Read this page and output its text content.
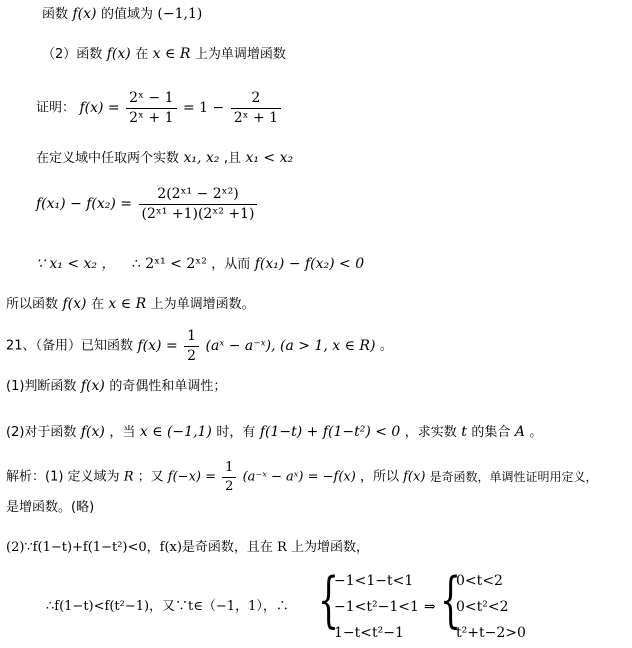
函数 f(x) 的值域为 (−1,1)
（2）函数 f(x) 在 x ∈ R 上为单调增函数
证明： $f(x) = \frac{\text{2ˣ − 1}}{\text{2ˣ + 1}} = 1 - \frac{2}{\text{2ˣ + 1}}$
在定义域中任取两个实数 x₁, x₂ ,且 x₁ < x₂
$f(x_1) - f(x_2) = \frac{\text{2(2ˣ¹ − 2ˣ²)}}{\text{(2ˣ¹ +1)(2ˣ² +1)}}$
∵ x₁ < x₂ ， ∴ 2ˣ¹ < 2ˣ² ，从而 f(x₁) − f(x₂) < 0
所以函数 f(x) 在 x ∈ R 上为单调增函数。
21、（备用）已知函数 $f(x) = \frac{1}{2}$ (aˣ − a⁻ˣ), (a > 1, x ∈ R) 。
(1)判断函数 f(x) 的奇偶性和单调性；
(2)对于函数 f(x) ，当 x ∈ (−1,1) 时，有 f(1−t) + f(1−t²) < 0 ，求实数 t 的集合 A 。
解析：(1) 定义域为 R ；又 $f(-x) = \frac{1}{2}$ (a⁻ˣ − aˣ) = −f(x) ，所以 f(x) 是奇函数，单调性证明用定义，
是增函数。(略)
(2)∵f(1−t)+f(1−t²)<0，f(x)是奇函数，且在 R 上为增函数，
∴f(1−t)<f(t²−1)，又∵t∈（−1，1），∴ {
−1<1−t<1
−1<t²−1<1
1−t<t²−1
⇒ {
0<t<2
0<t²<2
t²+t−2>0
